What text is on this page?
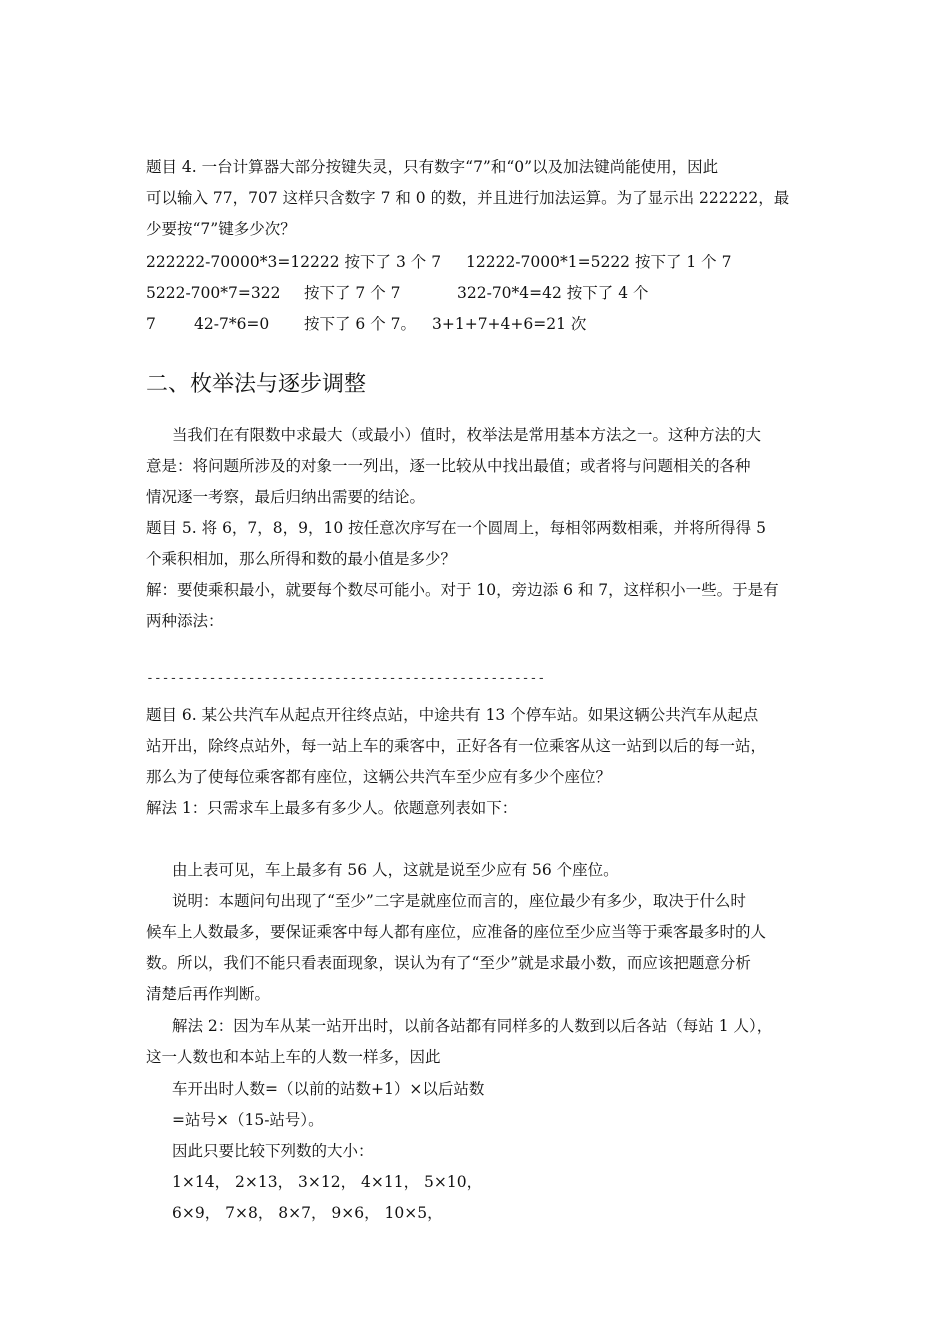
题目 4. 一台计算器大部分按键失灵，只有数字“7”和“0”以及加法键尚能使用，因此
可以输入 77，707 这样只含数字 7 和 0 的数，并且进行加法运算。为了显示出 222222，最
少要按“7”键多少次？
222222-70000*3=12222 按下了 3 个 7 12222-7000*1=5222 按下了 1 个 7
5222-700*7=322 按下了 7 个 7	322-70*4=42 按下了 4 个
7 42-7*6=0 按下了 6 个 7。 3+1+7+4+6=21 次
二、枚举法与逐步调整
当我们在有限数中求最大（或最小）值时，枚举法是常用基本方法之一。这种方法的大
意是：将问题所涉及的对象一一列出，逐一比较从中找出最值；或者将与问题相关的各种
情况逐一考察，最后归纳出需要的结论。
题目 5. 将 6，7，8，9，10 按任意次序写在一个圆周上，每相邻两数相乘，并将所得得 5
个乘积相加，那么所得和数的最小值是多少？
解：要使乘积最小，就要每个数尽可能小。对于 10，旁边添 6 和 7，这样积小一些。于是有
两种添法：
---------------------------------------------------
题目 6. 某公共汽车从起点开往终点站，中途共有 13 个停车站。如果这辆公共汽车从起点
站开出，除终点站外，每一站上车的乘客中，正好各有一位乘客从这一站到以后的每一站，
那么为了使每位乘客都有座位，这辆公共汽车至少应有多少个座位？
解法 1：只需求车上最多有多少人。依题意列表如下：
由上表可见，车上最多有 56 人，这就是说至少应有 56 个座位。
说明：本题问句出现了“至少”二字是就座位而言的，座位最少有多少，取决于什么时
候车上人数最多，要保证乘客中每人都有座位，应准备的座位至少应当等于乘客最多时的人
数。所以，我们不能只看表面现象，误认为有了“至少”就是求最小数，而应该把题意分析
清楚后再作判断。
解法 2：因为车从某一站开出时，以前各站都有同样多的人数到以后各站（每站 1 人），
这一人数也和本站上车的人数一样多，因此
车开出时人数=（以前的站数+1）×以后站数
=站号×（15-站号）。
因此只要比较下列数的大小：
1×14， 2×13， 3×12， 4×11， 5×10，
6×9， 7×8， 8×7， 9×6， 10×5，
